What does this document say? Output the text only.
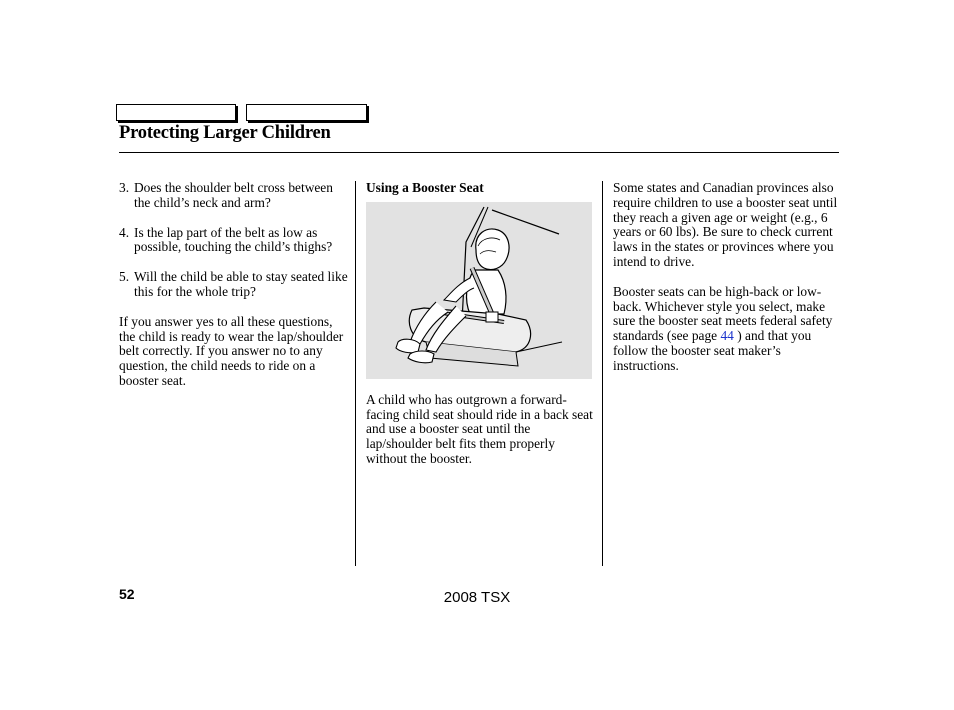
Protecting Larger Children
3. Does the shoulder belt cross between the child’s neck and arm?
4. Is the lap part of the belt as low as possible, touching the child’s thighs?
5. Will the child be able to stay seated like this for the whole trip?

If you answer yes to all these questions, the child is ready to wear the lap/shoulder belt correctly. If you answer no to any question, the child needs to ride on a booster seat.

Using a Booster Seat

A child who has outgrown a forward-facing child seat should ride in a back seat and use a booster seat until the lap/shoulder belt fits them properly without the booster.

Some states and Canadian provinces also require children to use a booster seat until they reach a given age or weight (e.g., 6 years or 60 lbs). Be sure to check current laws in the states or provinces where you intend to drive.

Booster seats can be high-back or low-back. Whichever style you select, make sure the booster seat meets federal safety standards (see page 44 ) and that you follow the booster seat maker’s instructions.

52	2008 TSX
